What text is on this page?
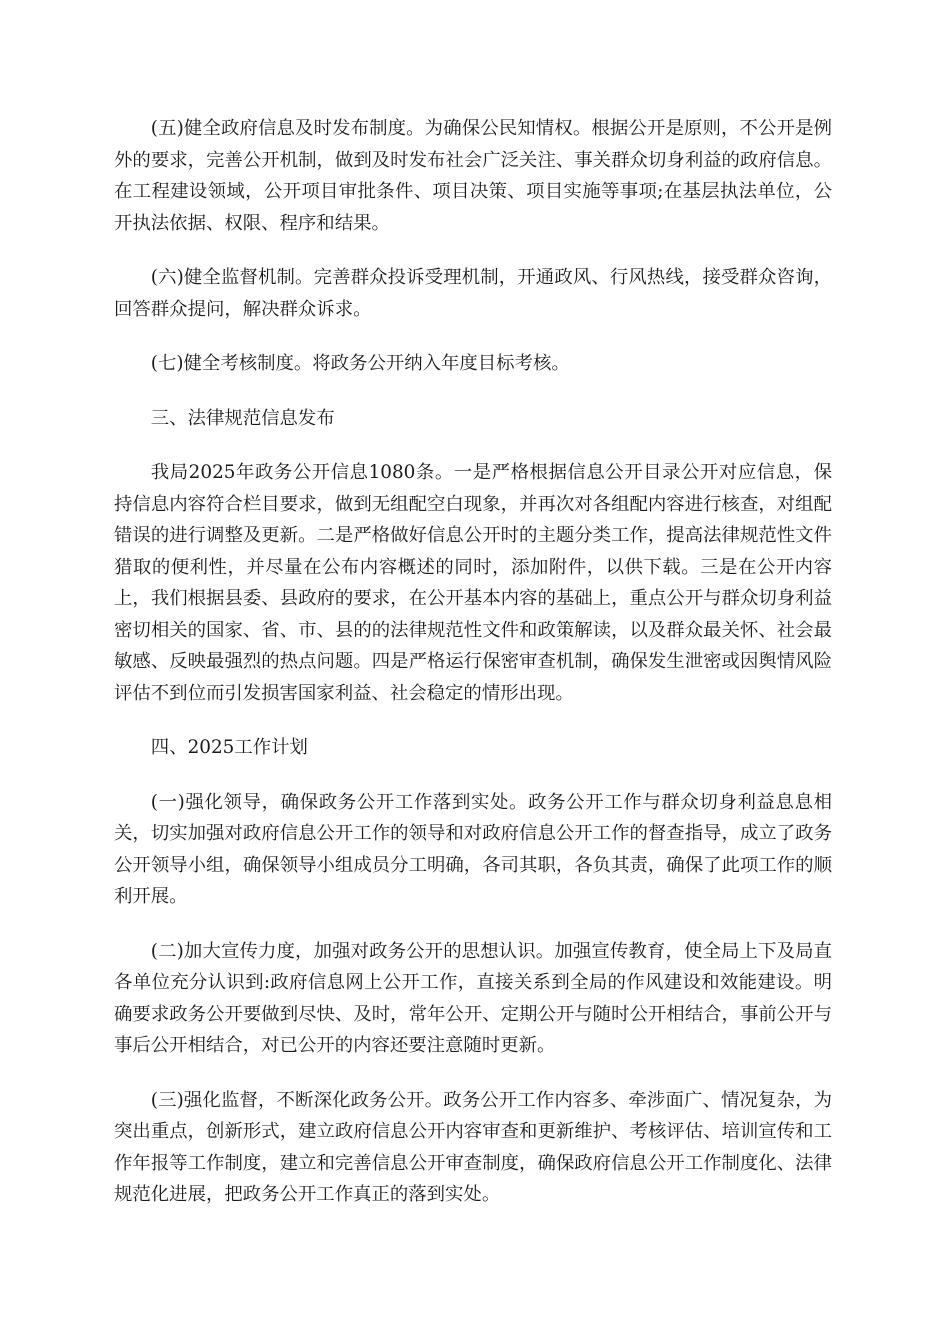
(五)健全政府信息及时发布制度。为确保公民知情权。根据公开是原则，不公开是例外的要求，完善公开机制，做到及时发布社会广泛关注、事关群众切身利益的政府信息。在工程建设领域，公开项目审批条件、项目决策、项目实施等事项;在基层执法单位，公开执法依据、权限、程序和结果。

(六)健全监督机制。完善群众投诉受理机制，开通政风、行风热线，接受群众咨询，回答群众提问，解决群众诉求。

(七)健全考核制度。将政务公开纳入年度目标考核。

三、法律规范信息发布

我局2025年政务公开信息1080条。一是严格根据信息公开目录公开对应信息，保持信息内容符合栏目要求，做到无组配空白现象，并再次对各组配内容进行核查，对组配错误的进行调整及更新。二是严格做好信息公开时的主题分类工作，提高法律规范性文件猎取的便利性，并尽量在公布内容概述的同时，添加附件，以供下载。三是在公开内容上，我们根据县委、县政府的要求，在公开基本内容的基础上，重点公开与群众切身利益密切相关的国家、省、市、县的的法律规范性文件和政策解读，以及群众最关怀、社会最敏感、反映最强烈的热点问题。四是严格运行保密审查机制，确保发生泄密或因舆情风险评估不到位而引发损害国家利益、社会稳定的情形出现。

四、2025工作计划

(一)强化领导，确保政务公开工作落到实处。政务公开工作与群众切身利益息息相关，切实加强对政府信息公开工作的领导和对政府信息公开工作的督查指导，成立了政务公开领导小组，确保领导小组成员分工明确，各司其职，各负其责，确保了此项工作的顺利开展。

(二)加大宣传力度，加强对政务公开的思想认识。加强宣传教育，使全局上下及局直各单位充分认识到:政府信息网上公开工作，直接关系到全局的作风建设和效能建设。明确要求政务公开要做到尽快、及时，常年公开、定期公开与随时公开相结合，事前公开与事后公开相结合，对已公开的内容还要注意随时更新。

(三)强化监督，不断深化政务公开。政务公开工作内容多、牵涉面广、情况复杂，为突出重点，创新形式，建立政府信息公开内容审查和更新维护、考核评估、培训宣传和工作年报等工作制度，建立和完善信息公开审查制度，确保政府信息公开工作制度化、法律规范化进展，把政务公开工作真正的落到实处。
